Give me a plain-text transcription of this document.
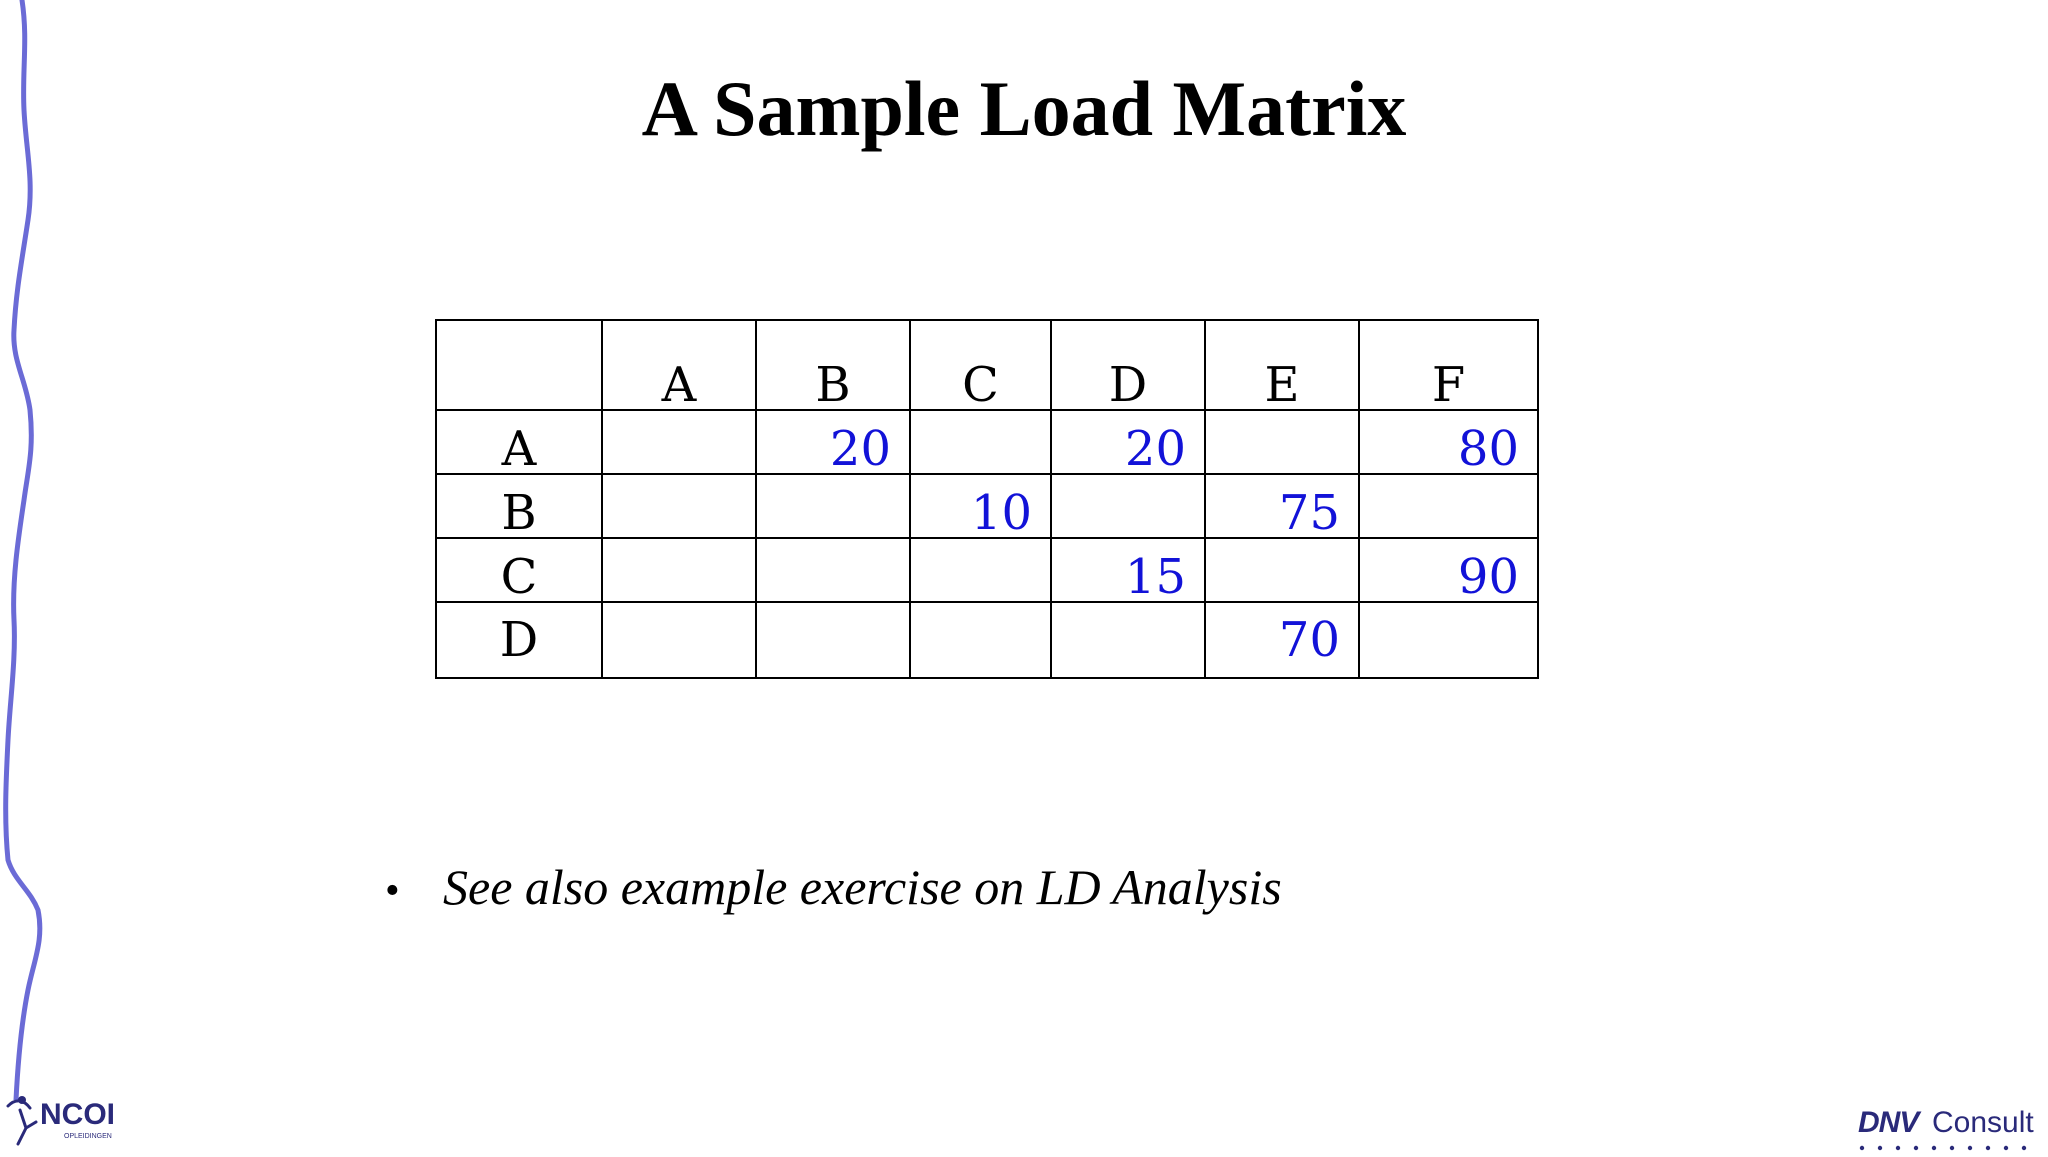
A Sample Load Matrix
	A	B	C	D	E	F
A		20		20		80
B			10		75	
C				15		90
D					70	
• See also example exercise on LD Analysis
NCOI
OPLEIDINGEN	DNV Consult
